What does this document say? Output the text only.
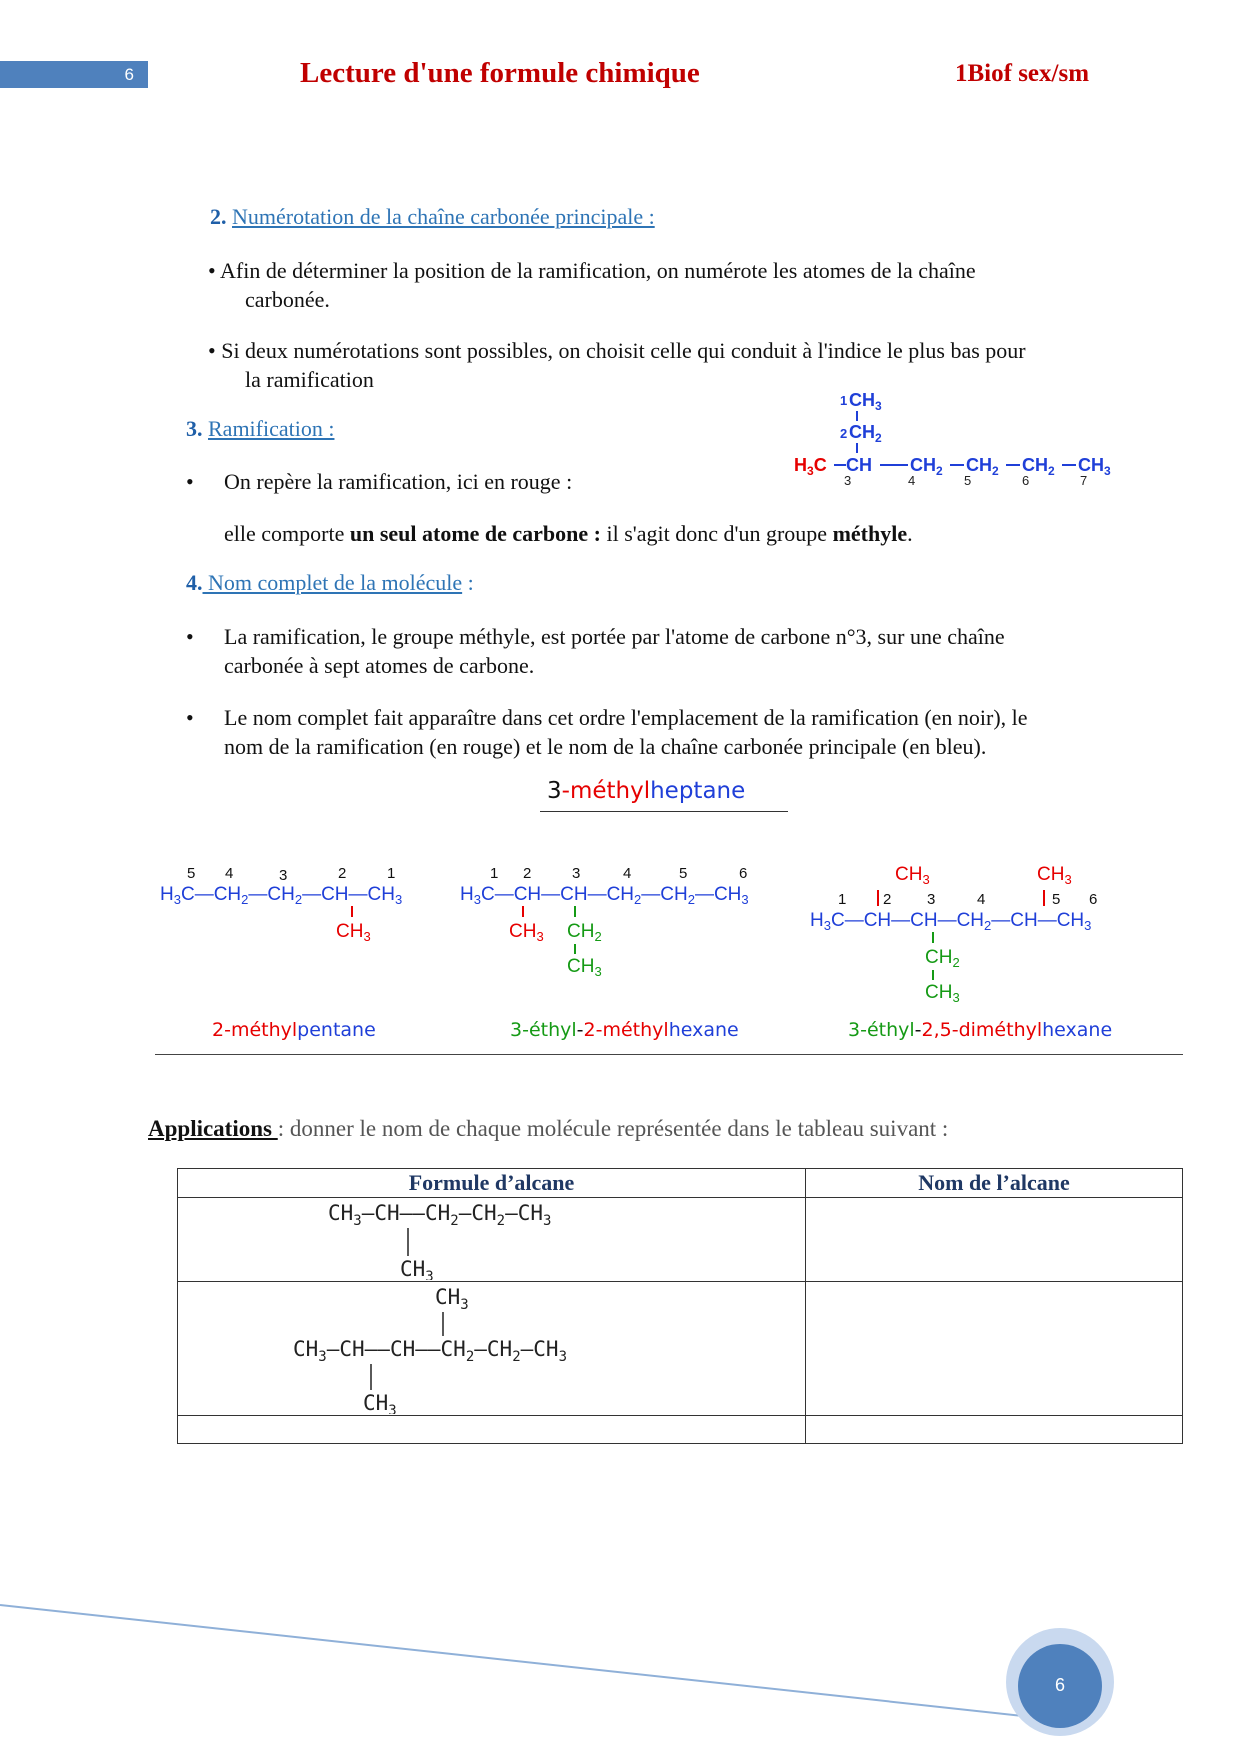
6	Lecture d'une formule chimique	1Biof sex/sm
2. Numérotation de la chaîne carbonée principale :
• Afin de déterminer la position de la ramification, on numérote les atomes de la chaîne
carbonée.
• Si deux numérotations sont possibles, on choisit celle qui conduit à l'indice le plus bas pour
la ramification
3. Ramification :
• On repère la ramification, ici en rouge :
elle comporte un seul atome de carbone : il s'agit donc d'un groupe méthyle.
1 $CH_3$
2 $CH_2$
$H_3C$ CH $CH_2$ $CH_2$ $CH_2$ $CH_3$
3	4	5	6	7
4. Nom complet de la molécule :
• La ramification, le groupe méthyle, est portée par l'atome de carbone n°3, sur une chaîne
carbonée à sept atomes de carbone.
• Le nom complet fait apparaître dans cet ordre l'emplacement de la ramification (en noir), le
nom de la ramification (en rouge) et le nom de la chaîne carbonée principale (en bleu).
3-méthylheptane
5 4	3	2	1
$H_3C—CH_2—CH_2—CH—CH_3$
$CH_3$
1 2	3	4	5	6
$H_3C—CH—CH—CH_2—CH_2—CH_3$
$CH_3$ $CH_2$
$CH_3$
$CH_3$	$CH_3$
1 2 3	4	5 6
$H_3C—CH—CH—CH_2—CH—CH_3$
$CH_2$
$CH_3$
2-méthylpentane	3-éthyl-2-méthylhexane	3-éthyl-2,5-diméthylhexane
Applications : donner le nom de chaque molécule représentée dans le tableau suivant :
Formule d’alcane	Nom de l’alcane

$CH_3—CH——CH_2—CH_2—CH_3$
$CH_3$

$CH_3$
$CH_3—CH——CH——CH_2—CH_2—CH_3$
$CH_3$

6
